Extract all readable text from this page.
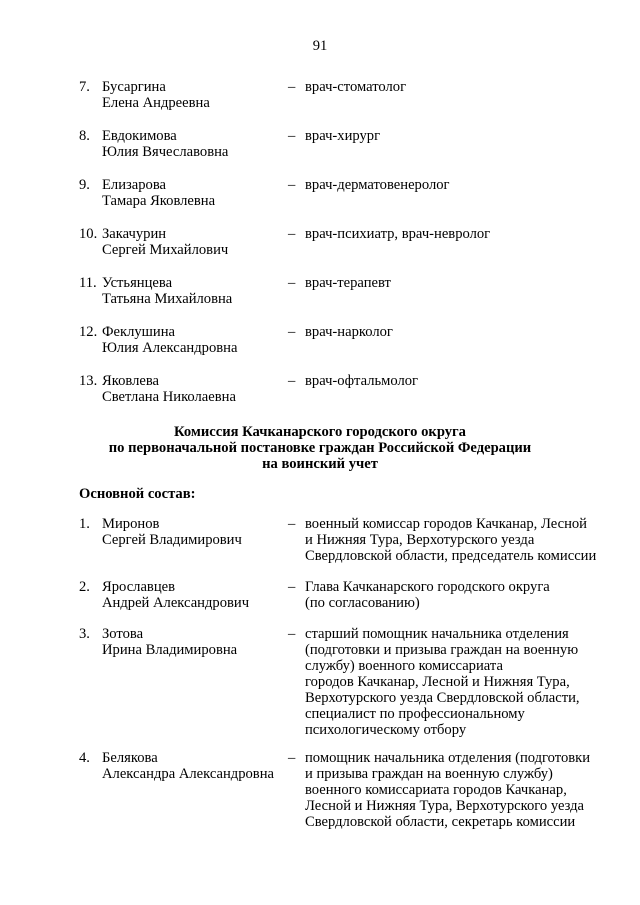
91
7. Бусаргина
Елена Андреевна
– врач-стоматолог
8. Евдокимова
Юлия Вячеславовна
– врач-хирург
9. Елизарова
Тамара Яковлевна
– врач-дерматовенеролог
10. Закачурин
Сергей Михайлович
– врач-психиатр, врач-невролог
11. Устьянцева
Татьяна Михайловна
– врач-терапевт
12. Феклушина
Юлия Александровна
– врач-нарколог
13. Яковлева
Светлана Николаевна
– врач-офтальмолог
Комиссия Качканарского городского округа
по первоначальной постановке граждан Российской Федерации
на воинский учет
Основной состав:
1. Миронов
Сергей Владимирович
– военный комиссар городов Качканар, Лесной
и Нижняя Тура, Верхотурского уезда
Свердловской области, председатель комиссии
2. Ярославцев
Андрей Александрович
– Глава Качканарского городского округа
(по согласованию)
3. Зотова
Ирина Владимировна
– старший помощник начальника отделения
(подготовки и призыва граждан на военную
службу) военного комиссариата
городов Качканар, Лесной и Нижняя Тура,
Верхотурского уезда Свердловской области,
специалист по профессиональному
психологическому отбору
4. Белякова
Александра Александровна
– помощник начальника отделения (подготовки
и призыва граждан на военную службу)
военного комиссариата городов Качканар,
Лесной и Нижняя Тура, Верхотурского уезда
Свердловской области, секретарь комиссии
